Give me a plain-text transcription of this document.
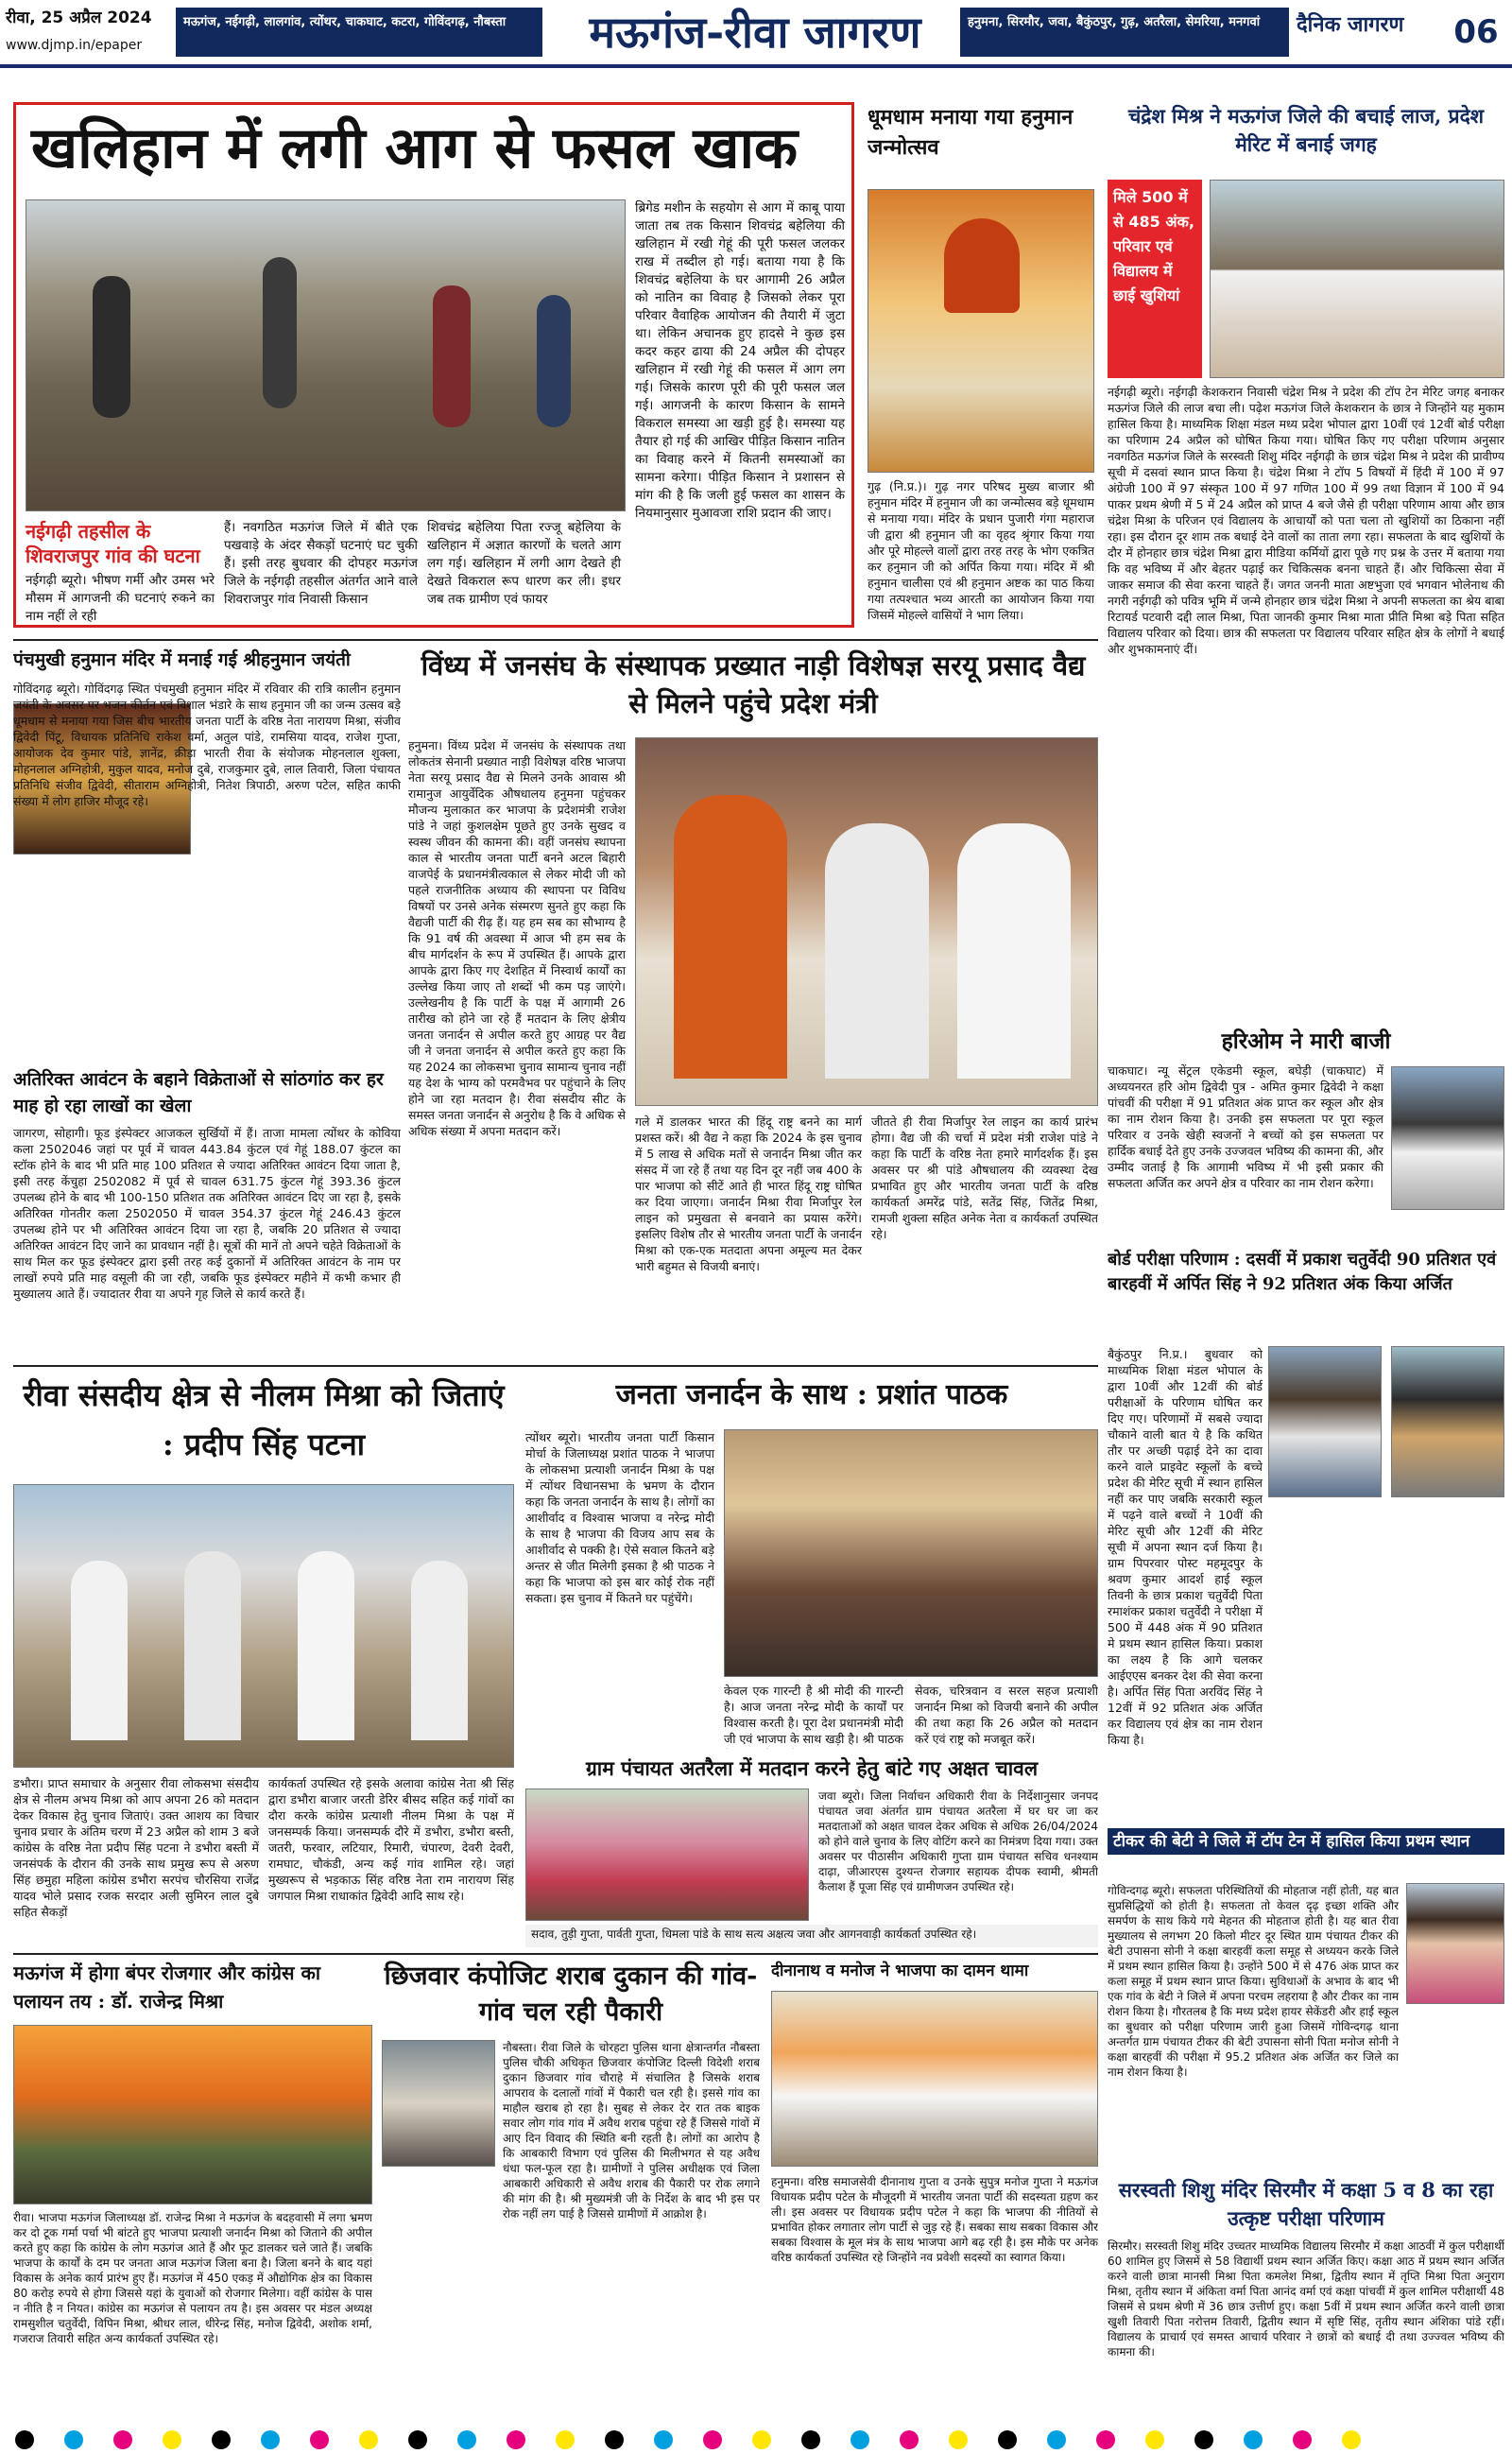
रीवा, 25 अप्रैल 2024
www.djmp.in/epaper
मऊगंज, नईगढ़ी, लालगांव, त्योंथर, चाकघाट, कटरा, गोविंदगढ़, नौबस्ता	मऊगंज-रीवा जागरण	हनुमना, सिरमौर, जवा, बैकुंठपुर, गुढ़, अतरैला, सेमरिया, मनगवां	दैनिक जागरण 06
खलिहान में लगी आग से फसल खाक
नईगढ़ी तहसील के शिवराजपुर गांव की घटना
नईगढ़ी ब्यूरो। भीषण गर्मी और उमस भरे मौसम में आगजनी की घटनाएं रुकने का नाम नहीं ले रही
हैं। नवगठित मऊगंज जिले में बीते एक पखवाड़े के अंदर सैकड़ों घटनाएं घट चुकी हैं। इसी तरह बुधवार की दोपहर मऊगंज जिले के नईगढ़ी तहसील अंतर्गत आने वाले शिवराजपुर गांव निवासी किसान
शिवचंद्र बहेलिया पिता रज्जू बहेलिया के खलिहान में अज्ञात कारणों के चलते आग लग गई। खलिहान में लगी आग देखते ही देखते विकराल रूप धारण कर ली। इधर जब तक ग्रामीण एवं फायर
ब्रिगेड मशीन के सहयोग से आग में काबू पाया जाता तब तक किसान शिवचंद्र बहेलिया की खलिहान में रखी गेहूं की पूरी फसल जलकर राख में तब्दील हो गई। बताया गया है कि शिवचंद्र बहेलिया के घर आगामी 26 अप्रैल को नातिन का विवाह है जिसको लेकर पूरा परिवार वैवाहिक आयोजन की तैयारी में जुटा था। लेकिन अचानक हुए हादसे ने कुछ इस कदर कहर ढाया की 24 अप्रैल की दोपहर खलिहान में रखी गेहूं की फसल में आग लग गई। जिसके कारण पूरी की पूरी फसल जल गई। आगजनी के कारण किसान के सामने विकराल समस्या आ खड़ी हुई है। समस्या यह तैयार हो गई की आखिर पीड़ित किसान नातिन का विवाह करने में कितनी समस्याओं का सामना करेगा। पीड़ित किसान ने प्रशासन से मांग की है कि जली हुई फसल का शासन के नियमानुसार मुआवजा राशि प्रदान की जाए।
धूमधाम मनाया गया हनुमान जन्मोत्सव
गुढ़ (नि.प्र.)। गुढ़ नगर परिषद मुख्य बाजार श्री हनुमान मंदिर में हनुमान जी का जन्मोत्सव बड़े धूमधाम से मनाया गया। मंदिर के प्रधान पुजारी गंगा महाराज जी द्वारा श्री हनुमान जी का वृहद श्रृंगार किया गया और पूरे मोहल्ले वालों द्वारा तरह तरह के भोग एकत्रित कर हनुमान जी को अर्पित किया गया। मंदिर में श्री हनुमान चालीसा एवं श्री हनुमान अष्टक का पाठ किया गया तत्पश्चात भव्य आरती का आयोजन किया गया जिसमें मोहल्ले वासियों ने भाग लिया।
चंद्रेश मिश्र ने मऊगंज जिले की बचाई लाज, प्रदेश मेरिट में बनाई जगह
मिले 500 में से 485 अंक, परिवार एवं विद्यालय में छाई खुशियां
नईगढ़ी ब्यूरो। नईगढ़ी केशकरान निवासी चंद्रेश मिश्र ने प्रदेश की टॉप टेन मेरिट जगह बनाकर मऊगंज जिले की लाज बचा ली। पढ़ेश मऊगंज जिले केशकरान के छात्र ने जिन्होंने यह मुकाम हासिल किया है। माध्यमिक शिक्षा मंडल मध्य प्रदेश भोपाल द्वारा 10वीं एवं 12वीं बोर्ड परीक्षा का परिणाम 24 अप्रैल को घोषित किया गया। घोषित किए गए परीक्षा परिणाम अनुसार नवगठित मऊगंज जिले के सरस्वती शिशु मंदिर नईगढ़ी के छात्र चंद्रेश मिश्र ने प्रदेश की प्रावीण्य सूची में दसवां स्थान प्राप्त किया है। चंद्रेश मिश्रा ने टॉप 5 विषयों में हिंदी में 100 में 97 अंग्रेजी 100 में 97 संस्कृत 100 में 97 गणित 100 में 99 तथा विज्ञान में 100 में 94 पाकर प्रथम श्रेणी में 5 में 24 अप्रैल को प्राप्त 4 बजे जैसे ही परीक्षा परिणाम आया और छात्र चंद्रेश मिश्रा के परिजन एवं विद्यालय के आचार्यों को पता चला तो खुशियों का ठिकाना नहीं रहा। इस दौरान दूर शाम तक बधाई देने वालों का ताता लगा रहा। सफलता के बाद खुशियों के दौर में होनहार छात्र चंद्रेश मिश्रा द्वारा मीडिया कर्मियों द्वारा पूछे गए प्रश्न के उत्तर में बताया गया कि वह भविष्य में और बेहतर पढ़ाई कर चिकित्सक बनना चाहते हैं। और चिकित्सा सेवा में जाकर समाज की सेवा करना चाहते हैं। जगत जननी माता अष्टभुजा एवं भगवान भोलेनाथ की नगरी नईगढ़ी को पवित्र भूमि में जन्मे होनहार छात्र चंद्रेश मिश्रा ने अपनी सफलता का श्रेय बाबा रिटायर्ड पटवारी दद्दी लाल मिश्रा, पिता जानकी कुमार मिश्रा माता प्रीति मिश्रा बड़े पिता सहित विद्यालय परिवार को दिया। छात्र की सफलता पर विद्यालय परिवार सहित क्षेत्र के लोगों ने बधाई और शुभकामनाएं दीं।
पंचमुखी हनुमान मंदिर में मनाई गई श्रीहनुमान जयंती
गोविंदगढ़ ब्यूरो। गोविंदगढ़ स्थित पंचमुखी हनुमान मंदिर में रविवार की रात्रि कालीन हनुमान जयंती के अवसर पर भजन कीर्तन एवं विशाल भंडारे के साथ हनुमान जी का जन्म उत्सव बड़े धूमधाम से मनाया गया जिस बीच भारतीय जनता पार्टी के वरिष्ठ नेता नारायण मिश्रा, संजीव द्विवेदी पिंटू, विधायक प्रतिनिधि राकेश वर्मा, अतुल पांडे, रामसिया यादव, राजेश गुप्ता, आयोजक देव कुमार पांडे, ज्ञानेंद्र, क्रीड़ा भारती रीवा के संयोजक मोहनलाल शुक्ला, मोहनलाल अग्निहोत्री, मुकुल यादव, मनोज दुबे, राजकुमार दुबे, लाल तिवारी, जिला पंचायत प्रतिनिधि संजीव द्विवेदी, सीताराम अग्निहोत्री, नितेश त्रिपाठी, अरुण पटेल, सहित काफी संख्या में लोग हाजिर मौजूद रहे।
अतिरिक्त आवंटन के बहाने विक्रेताओं से सांठगांठ कर हर माह हो रहा लाखों का खेला
जागरण, सोहागी। फूड इंस्पेक्टर आजकल सुर्खियों में हैं। ताजा मामला त्योंथर के कोविया कला 2502046 जहां पर पूर्व में चावल 443.84 कुंटल एवं गेहूं 188.07 कुंटल का स्टॉक होने के बाद भी प्रति माह 100 प्रतिशत से ज्यादा अतिरिक्त आवंटन दिया जाता है, इसी तरह केंचुहा 2502082 में पूर्व से चावल 631.75 कुंटल गेहूं 393.36 कुंटल उपलब्ध होने के बाद भी 100-150 प्रतिशत तक अतिरिक्त आवंटन दिए जा रहा है, इसके अतिरिक्त गोनतीर कला 2502050 में चावल 354.37 कुंटल गेहूं 246.43 कुंटल उपलब्ध होने पर भी अतिरिक्त आवंटन दिया जा रहा है, जबकि 20 प्रतिशत से ज्यादा अतिरिक्त आवंटन दिए जाने का प्रावधान नहीं है। सूत्रों की मानें तो अपने चहेते विक्रेताओं के साथ मिल कर फूड इंस्पेक्टर द्वारा इसी तरह कई दुकानों में अतिरिक्त आवंटन के नाम पर लाखों रुपये प्रति माह वसूली की जा रही, जबकि फूड इंस्पेक्टर महीने में कभी कभार ही मुख्यालय आते हैं। ज्यादातर रीवा या अपने गृह जिले से कार्य करते हैं।
विंध्य में जनसंघ के संस्थापक प्रख्यात नाड़ी विशेषज्ञ सरयू प्रसाद वैद्य से मिलने पहुंचे प्रदेश मंत्री
हनुमना। विंध्य प्रदेश में जनसंघ के संस्थापक तथा लोकतंत्र सेनानी प्रख्यात नाड़ी विशेषज्ञ वरिष्ठ भाजपा नेता सरयू प्रसाद वैद्य से मिलने उनके आवास श्री रामानुज आयुर्वेदिक औषधालय हनुमना पहुंचकर मौजन्य मुलाकात कर भाजपा के प्रदेशमंत्री राजेश पांडे ने जहां कुशलक्षेम पूछते हुए उनके सुखद व स्वस्थ जीवन की कामना की। वहीं जनसंघ स्थापना काल से भारतीय जनता पार्टी बनने अटल बिहारी वाजपेई के प्रधानमंत्रीत्वकाल से लेकर मोदी जी को पहले राजनीतिक अध्याय की स्थापना पर विविध विषयों पर उनसे अनेक संस्मरण सुनते हुए कहा कि वैद्यजी पार्टी की रीढ़ हैं। यह हम सब का सौभाग्य है कि 91 वर्ष की अवस्था में आज भी हम सब के बीच मार्गदर्शन के रूप में उपस्थित हैं। आपके द्वारा आपके द्वारा किए गए देशहित में निस्वार्थ कार्यों का उल्लेख किया जाए तो शब्दों भी कम पड़ जाएंगे। उल्लेखनीय है कि पार्टी के पक्ष में आगामी 26 तारीख को होने जा रहे हैं मतदान के लिए क्षेत्रीय जनता जनार्दन से अपील करते हुए आग्रह पर वैद्य जी ने जनता जनार्दन से अपील करते हुए कहा कि यह 2024 का लोकसभा चुनाव सामान्य चुनाव नहीं यह देश के भाग्य को परमवैभव पर पहुंचाने के लिए होने जा रहा मतदान है। रीवा संसदीय सीट के समस्त जनता जनार्दन से अनुरोध है कि वे अधिक से अधिक संख्या में अपना मतदान करें।
गले में डालकर भारत की हिंदू राष्ट्र बनने का मार्ग प्रशस्त करें। श्री वैद्य ने कहा कि 2024 के इस चुनाव में 5 लाख से अधिक मतों से जनार्दन मिश्रा जीत कर संसद में जा रहे हैं तथा यह दिन दूर नहीं जब 400 के पार भाजपा को सीटें आते ही भारत हिंदू राष्ट्र घोषित कर दिया जाएगा। जनार्दन मिश्रा रीवा मिर्जापुर रेल लाइन को प्रमुखता से बनवाने का प्रयास करेंगे। इसलिए विशेष तौर से भारतीय जनता पार्टी के जनार्दन मिश्रा को एक-एक मतदाता अपना अमूल्य मत देकर भारी बहुमत से विजयी बनाएं।
जीतते ही रीवा मिर्जापुर रेल लाइन का कार्य प्रारंभ होगा। वैद्य जी की चर्चा में प्रदेश मंत्री राजेश पांडे ने कहा कि पार्टी के वरिष्ठ नेता हमारे मार्गदर्शक हैं। इस अवसर पर श्री पांडे औषधालय की व्यवस्था देख प्रभावित हुए और भारतीय जनता पार्टी के वरिष्ठ कार्यकर्ता अमरेंद्र पांडे, सतेंद्र सिंह, जितेंद्र मिश्रा, रामजी शुक्ला सहित अनेक नेता व कार्यकर्ता उपस्थित रहे।
हरिओम ने मारी बाजी
चाकघाट। न्यू सेंट्रल एकेडमी स्कूल, बघेड़ी (चाकघाट) में अध्ययनरत हरि ओम द्विवेदी पुत्र - अमित कुमार द्विवेदी ने कक्षा पांचवीं की परीक्षा में 91 प्रतिशत अंक प्राप्त कर स्कूल और क्षेत्र का नाम रोशन किया है। उनकी इस सफलता पर पूरा स्कूल परिवार व उनके खेही स्वजनों ने बच्चों को इस सफलता पर हार्दिक बधाई देते हुए उनके उज्जवल भविष्य की कामना की, और उम्मीद जताई है कि आगामी भविष्य में भी इसी प्रकार की सफलता अर्जित कर अपने क्षेत्र व परिवार का नाम रोशन करेगा।
बोर्ड परीक्षा परिणाम : दसवीं में प्रकाश चतुर्वेदी 90 प्रतिशत एवं बारहवीं में अर्पित सिंह ने 92 प्रतिशत अंक किया अर्जित
बैकुंठपुर नि.प्र.। बुधवार को माध्यमिक शिक्षा मंडल भोपाल के द्वारा 10वीं और 12वीं की बोर्ड परीक्षाओं के परिणाम घोषित कर दिए गए। परिणामों में सबसे ज्यादा चौकाने वाली बात ये है कि कथित तौर पर अच्छी पढ़ाई देने का दावा करने वाले प्राइवेट स्कूलों के बच्चे प्रदेश की मेरिट सूची में स्थान हासिल नहीं कर पाए जबकि सरकारी स्कूल में पढ़ने वाले बच्चों ने 10वीं की मेरिट सूची और 12वीं की मेरिट सूची में अपना स्थान दर्ज किया है। ग्राम पिपरवार पोस्ट महमूदपुर के श्रवण कुमार आदर्श हाई स्कूल तिवनी के छात्र प्रकाश चतुर्वेदी पिता रमाशंकर प्रकाश चतुर्वेदी ने परीक्षा में 500 में 448 अंक में 90 प्रतिशत मे प्रथम स्थान हासिल किया। प्रकाश का लक्ष्य है कि आगे चलकर आईएएस बनकर देश की सेवा करना है। अर्पित सिंह पिता अरविंद सिंह ने 12वीं में 92 प्रतिशत अंक अर्जित कर विद्यालय एवं क्षेत्र का नाम रोशन किया है।
रीवा संसदीय क्षेत्र से नीलम मिश्रा को जिताएं : प्रदीप सिंह पटना
डभौरा। प्राप्त समाचार के अनुसार रीवा लोकसभा संसदीय क्षेत्र से नीलम अभय मिश्रा को आप अपना 26 को मतदान देकर विकास हेतु चुनाव जिताएं। उक्त आशय का विचार चुनाव प्रचार के अंतिम चरण में 23 अप्रैल को शाम 3 बजे कांग्रेस के वरिष्ठ नेता प्रदीप सिंह पटना ने डभौरा बस्ती में जनसंपर्क के दौरान की उनके साथ प्रमुख रूप से अरुण सिंह छमुहा महिला कांग्रेस डभौरा सरपंच चौरसिया राजेंद्र यादव भोले प्रसाद रजक सरदार अली सुमिरन लाल दुबे सहित सैकड़ों
कार्यकर्ता उपस्थित रहे इसके अलावा कांग्रेस नेता श्री सिंह द्वारा डभौरा बाजार जरती डेरिर बीसद सहित कई गांवों का दौरा करके कांग्रेस प्रत्याशी नीलम मिश्रा के पक्ष में जनसम्पर्क किया। जनसम्पर्क दौरे में डभौरा, डभौरा बस्ती, जतरी, फरवार, लटियार, रिमारी, चंपारण, देवरी देवरी, रामघाट, चौकंडी, अन्य कई गांव शामिल रहे। जहां मुख्यरूप से भड़काऊ सिंह वरिष्ठ नेता राम नारायण सिंह जगपाल मिश्रा राधाकांत द्विवेदी आदि साथ रहे।
जनता जनार्दन के साथ : प्रशांत पाठक
त्योंथर ब्यूरो। भारतीय जनता पार्टी किसान मोर्चा के जिलाध्यक्ष प्रशांत पाठक ने भाजपा के लोकसभा प्रत्याशी जनार्दन मिश्रा के पक्ष में त्योंथर विधानसभा के भ्रमण के दौरान कहा कि जनता जनार्दन के साथ है। लोगों का आशीर्वाद व विश्वास भाजपा व नरेन्द्र मोदी के साथ है भाजपा की विजय आप सब के आशीर्वाद से पक्की है। ऐसे सवाल कितने बड़े अन्तर से जीत मिलेगी इसका है श्री पाठक ने कहा कि भाजपा को इस बार कोई रोक नहीं सकता। इस चुनाव में कितने घर पहुंचेंगे।
केवल एक गारन्टी है श्री मोदी की गारन्टी है। आज जनता नरेन्द्र मोदी के कार्यों पर विश्वास करती है। पूरा देश प्रधानमंत्री मोदी जी एवं भाजपा के साथ खड़ी है। श्री पाठक
सेवक, चरित्रवान व सरल सहज प्रत्याशी जनार्दन मिश्रा को विजयी बनाने की अपील की तथा कहा कि 26 अप्रैल को मतदान करें एवं राष्ट्र को मजबूत करें।
ग्राम पंचायत अतरैला में मतदान करने हेतु बांटे गए अक्षत चावल
जवा ब्यूरो। जिला निर्वाचन अधिकारी रीवा के निर्देशानुसार जनपद पंचायत जवा अंतर्गत ग्राम पंचायत अतरैला में घर घर जा कर मतदाताओं को अक्षत चावल देकर अधिक से अधिक 26/04/2024 को होने वाले चुनाव के लिए वोटिंग करने का निमंत्रण दिया गया। उक्त अवसर पर पीठासीन अधिकारी गुप्ता ग्राम पंचायत सचिव धनश्याम दाढ़ा, जीआरएस दुश्यन्त रोजगार सहायक दीपक स्वामी, श्रीमती कैलाश हैं पूजा सिंह एवं ग्रामीणजन उपस्थित रहे।
सदाव, तुड़ी गुप्ता, पार्वती गुप्ता, धिमला पांडे के साथ सत्य अक्षत्य जवा और आगनवाड़ी कार्यकर्ता उपस्थित रहे।
टीकर की बेटी ने जिले में टॉप टेन में हासिल किया प्रथम स्थान
गोविन्दगढ़ ब्यूरो। सफलता परिस्थितियों की मोहताज नहीं होती, यह बात सुप्रसिद्धियों को होती है। सफलता तो केवल दृढ़ इच्छा शक्ति और समर्पण के साथ किये गये मेहनत की मोहताज होती है। यह बात रीवा मुख्यालय से लगभग 20 किलो मीटर दूर स्थित ग्राम पंचायत टीकर की बेटी उपासना सोनी ने कक्षा बारहवीं कला समूह से अध्ययन करके जिले में प्रथम स्थान हासिल किया है। उन्होंने 500 में से 476 अंक प्राप्त कर कला समूह में प्रथम स्थान प्राप्त किया। सुविधाओं के अभाव के बाद भी एक गांव के बेटी ने जिले में अपना परचम लहराया है और टीकर का नाम रोशन किया है। गौरतलब है कि मध्य प्रदेश हायर सेकेंडरी और हाई स्कूल का बुधवार को परीक्षा परिणाम जारी हुआ जिसमें गोविन्दगढ़ थाना अन्तर्गत ग्राम पंचायत टीकर की बेटी उपासना सोनी पिता मनोज सोनी ने कक्षा बारहवीं की परीक्षा में 95.2 प्रतिशत अंक अर्जित कर जिले का नाम रोशन किया है।
मऊगंज में होगा बंपर रोजगार और कांग्रेस का पलायन तय : डॉ. राजेन्द्र मिश्रा
रीवा। भाजपा मऊगंज जिलाध्यक्ष डॉ. राजेन्द्र मिश्रा ने मऊगंज के बदहवासी में लगा भ्रमण कर दो टूक गर्मा पर्चा भी बांटते हुए भाजपा प्रत्याशी जनार्दन मिश्रा को जिताने की अपील करते हुए कहा कि कांग्रेस के लोग मऊगंज आते हैं और फूट डालकर चले जाते हैं। जबकि भाजपा के कार्यों के दम पर जनता आज मऊगंज जिला बना है। जिला बनने के बाद यहां विकास के अनेक कार्य प्रारंभ हुए हैं। मऊगंज में 450 एकड़ में औद्योगिक क्षेत्र का विकास 80 करोड़ रुपये से होगा जिससे यहां के युवाओं को रोजगार मिलेगा। वहीं कांग्रेस के पास न नीति है न नियत। कांग्रेस का मऊगंज से पलायन तय है। इस अवसर पर मंडल अध्यक्ष रामसुशील चतुर्वेदी, विपिन मिश्रा, श्रीधर लाल, धीरेन्द्र सिंह, मनोज द्विवेदी, अशोक शर्मा, गजराज तिवारी सहित अन्य कार्यकर्ता उपस्थित रहे।
छिजवार कंपोजिट शराब दुकान की गांव-गांव चल रही पैकारी
नौबस्ता। रीवा जिले के चोरहटा पुलिस थाना क्षेत्रान्तर्गत नौबस्ता पुलिस चौकी अधिकृत छिजवार कंपोजिट दिल्ली विदेशी शराब दुकान छिजवार गांव चौराहे में संचालित है जिसके शराब आपराव के दलालों गांवों में पैकारी चल रही है। इससे गांव का माहौल खराब हो रहा है। सुबह से लेकर देर रात तक बाइक सवार लोग गांव गांव में अवैध शराब पहुंचा रहे हैं जिससे गांवों में आए दिन विवाद की स्थिति बनी रहती है। लोगों का आरोप है कि आबकारी विभाग एवं पुलिस की मिलीभगत से यह अवैध धंधा फल-फूल रहा है। ग्रामीणों ने पुलिस अधीक्षक एवं जिला आबकारी अधिकारी से अवैध शराब की पैकारी पर रोक लगाने की मांग की है। श्री मुख्यमंत्री जी के निर्देश के बाद भी इस पर रोक नहीं लग पाई है जिससे ग्रामीणों में आक्रोश है।
दीनानाथ व मनोज ने भाजपा का दामन थामा
हनुमना। वरिष्ठ समाजसेवी दीनानाथ गुप्ता व उनके सुपुत्र मनोज गुप्ता ने मऊगंज विधायक प्रदीप पटेल के मौजूदगी में भारतीय जनता पार्टी की सदस्यता ग्रहण कर ली। इस अवसर पर विधायक प्रदीप पटेल ने कहा कि भाजपा की नीतियों से प्रभावित होकर लगातार लोग पार्टी से जुड़ रहे हैं। सबका साथ सबका विकास और सबका विश्वास के मूल मंत्र के साथ भाजपा आगे बढ़ रही है। इस मौके पर अनेक वरिष्ठ कार्यकर्ता उपस्थित रहे जिन्होंने नव प्रवेशी सदस्यों का स्वागत किया।
सरस्वती शिशु मंदिर सिरमौर में कक्षा 5 व 8 का रहा उत्कृष्ट परीक्षा परिणाम
सिरमौर। सरस्वती शिशु मंदिर उच्चतर माध्यमिक विद्यालय सिरमौर में कक्षा आठवीं में कुल परीक्षार्थी 60 शामिल हुए जिसमें से 58 विद्यार्थी प्रथम स्थान अर्जित किए। कक्षा आठ में प्रथम स्थान अर्जित करने वाली छात्रा मानसी मिश्रा पिता कमलेश मिश्रा, द्वितीय स्थान में तृप्ति मिश्रा पिता अनुराग मिश्रा, तृतीय स्थान में अंकिता वर्मा पिता आनंद वर्मा एवं कक्षा पांचवीं में कुल शामिल परीक्षार्थी 48 जिसमें से प्रथम श्रेणी में 36 छात्र उत्तीर्ण हुए। कक्षा 5वीं में प्रथम स्थान अर्जित करने वाली छात्रा खुशी तिवारी पिता नरोत्तम तिवारी, द्वितीय स्थान में सृष्टि सिंह, तृतीय स्थान अंशिका पांडे रहीं। विद्यालय के प्राचार्य एवं समस्त आचार्य परिवार ने छात्रों को बधाई दी तथा उज्ज्वल भविष्य की कामना की।
